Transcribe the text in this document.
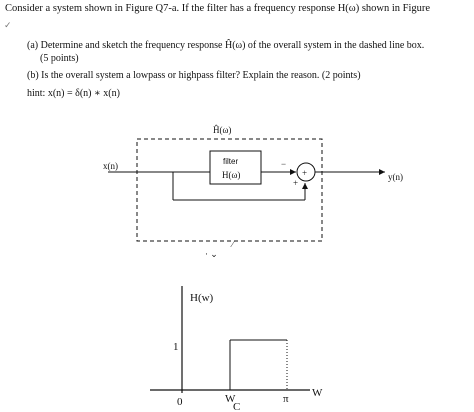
Consider a system shown in Figure Q7-a. If the filter has a frequency response H(ω) shown in Figure
✓
(a) Determine and sketch the frequency response Ĥ(ω) of the overall system in the dashed line box.
(5 points)
(b) Is the overall system a lowpass or highpass filter? Explain the reason. (2 points)
hint: x(n) = δ(n) ∗ x(n)
Ĥ(ω)
x(n)	filter
H(ω)
−
+
+
y(n)
⁄
· ⌄
H(w)
1
0	W
C
π W
